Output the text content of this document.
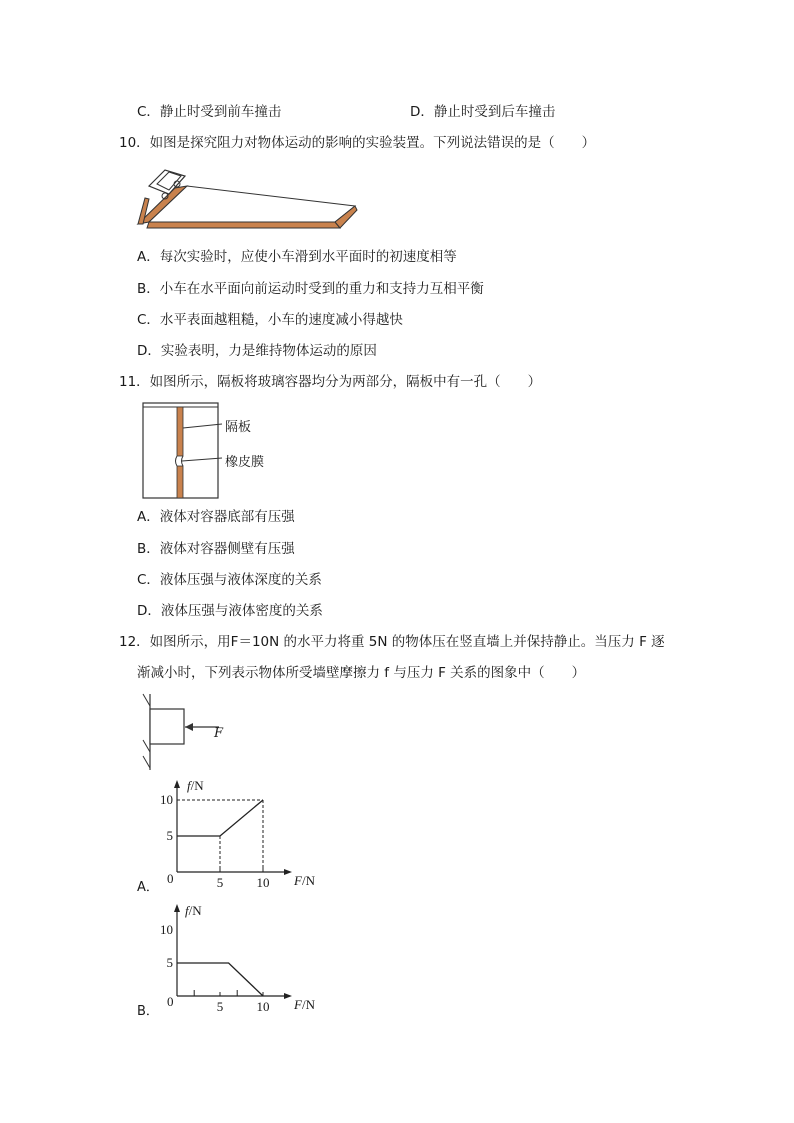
C．静止时受到前车撞击	D．静止时受到后车撞击
10．如图是探究阻力对物体运动的影响的实验装置。下列说法错误的是（　　）
A．每次实验时，应使小车滑到水平面时的初速度相等
B．小车在水平面向前运动时受到的重力和支持力互相平衡
C．水平表面越粗糙，小车的速度减小得越快
D．实验表明，力是维持物体运动的原因
11．如图所示，隔板将玻璃容器均分为两部分，隔板中有一孔（　　）
隔板
橡皮膜
A．液体对容器底部有压强
B．液体对容器侧壁有压强
C．液体压强与液体深度的关系
D．液体压强与液体密度的关系
12．如图所示，用F＝10N 的水平力将重 5N 的物体压在竖直墙上并保持静止。当压力 F 逐
渐减小时，下列表示物体所受墙壁摩擦力 f 与压力 F 关系的图象中（　　）
F
A．	5	10
5
10
0
f/N
F/N
B．	5	10
5
10
0
f/N
F/N
